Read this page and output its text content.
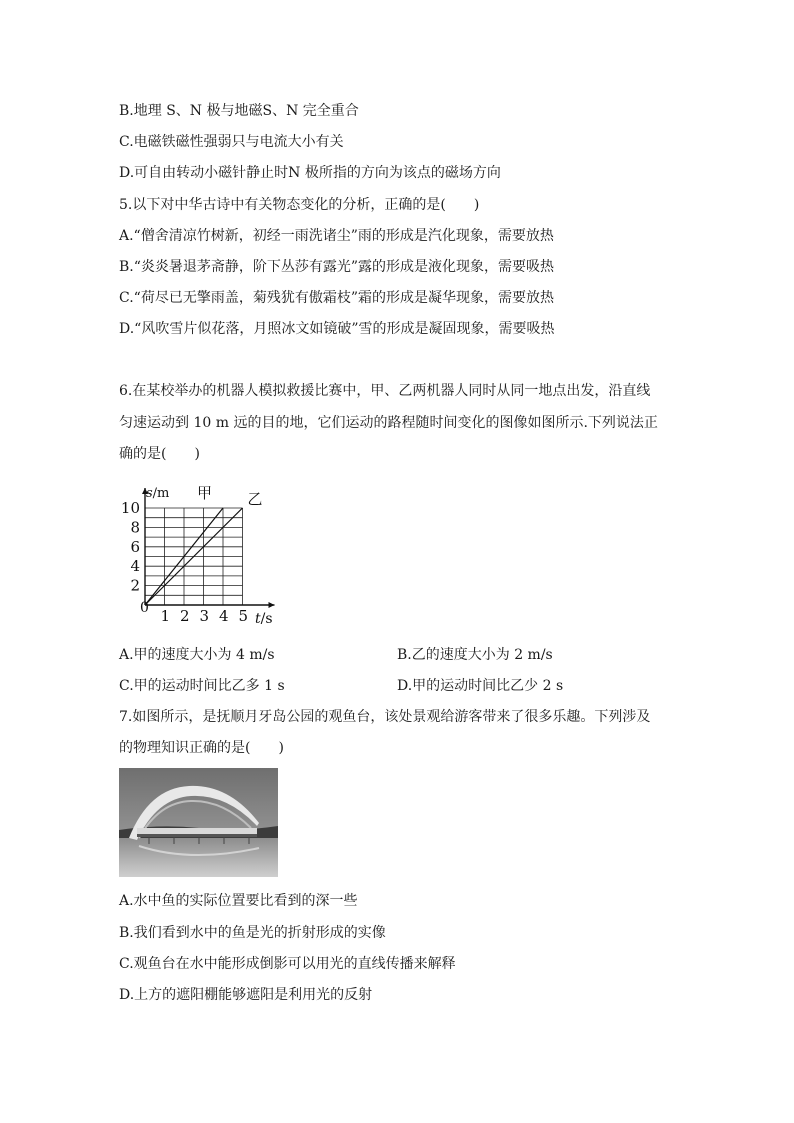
B.地理 S、N 极与地磁S、N 完全重合
C.电磁铁磁性强弱只与电流大小有关
D.可自由转动小磁针静止时N 极所指的方向为该点的磁场方向
5.以下对中华古诗中有关物态变化的分析，正确的是(　　)
A.“僧舍清凉竹树新，初经一雨洗诸尘”雨的形成是汽化现象，需要放热
B.“炎炎暑退茅斋静，阶下丛莎有露光”露的形成是液化现象，需要吸热
C.“荷尽已无擎雨盖，菊残犹有傲霜枝”霜的形成是凝华现象，需要放热
D.“风吹雪片似花落，月照冰文如镜破”雪的形成是凝固现象，需要吸热
6.在某校举办的机器人模拟救援比赛中，甲、乙两机器人同时从同一地点出发，沿直线
匀速运动到 10 m 远的目的地，它们运动的路程随时间变化的图像如图所示.下列说法正
确的是(　　)
甲 乙
1 2 3 4 5
2
4
6
8
10
s/m
t/s
0
A.甲的速度大小为 4 m/s	B.乙的速度大小为 2 m/s
C.甲的运动时间比乙多 1 s	D.甲的运动时间比乙少 2 s
7.如图所示，是抚顺月牙岛公园的观鱼台，该处景观给游客带来了很多乐趣。下列涉及
的物理知识正确的是(　　)
A.水中鱼的实际位置要比看到的深一些
B.我们看到水中的鱼是光的折射形成的实像
C.观鱼台在水中能形成倒影可以用光的直线传播来解释
D.上方的遮阳棚能够遮阳是利用光的反射
